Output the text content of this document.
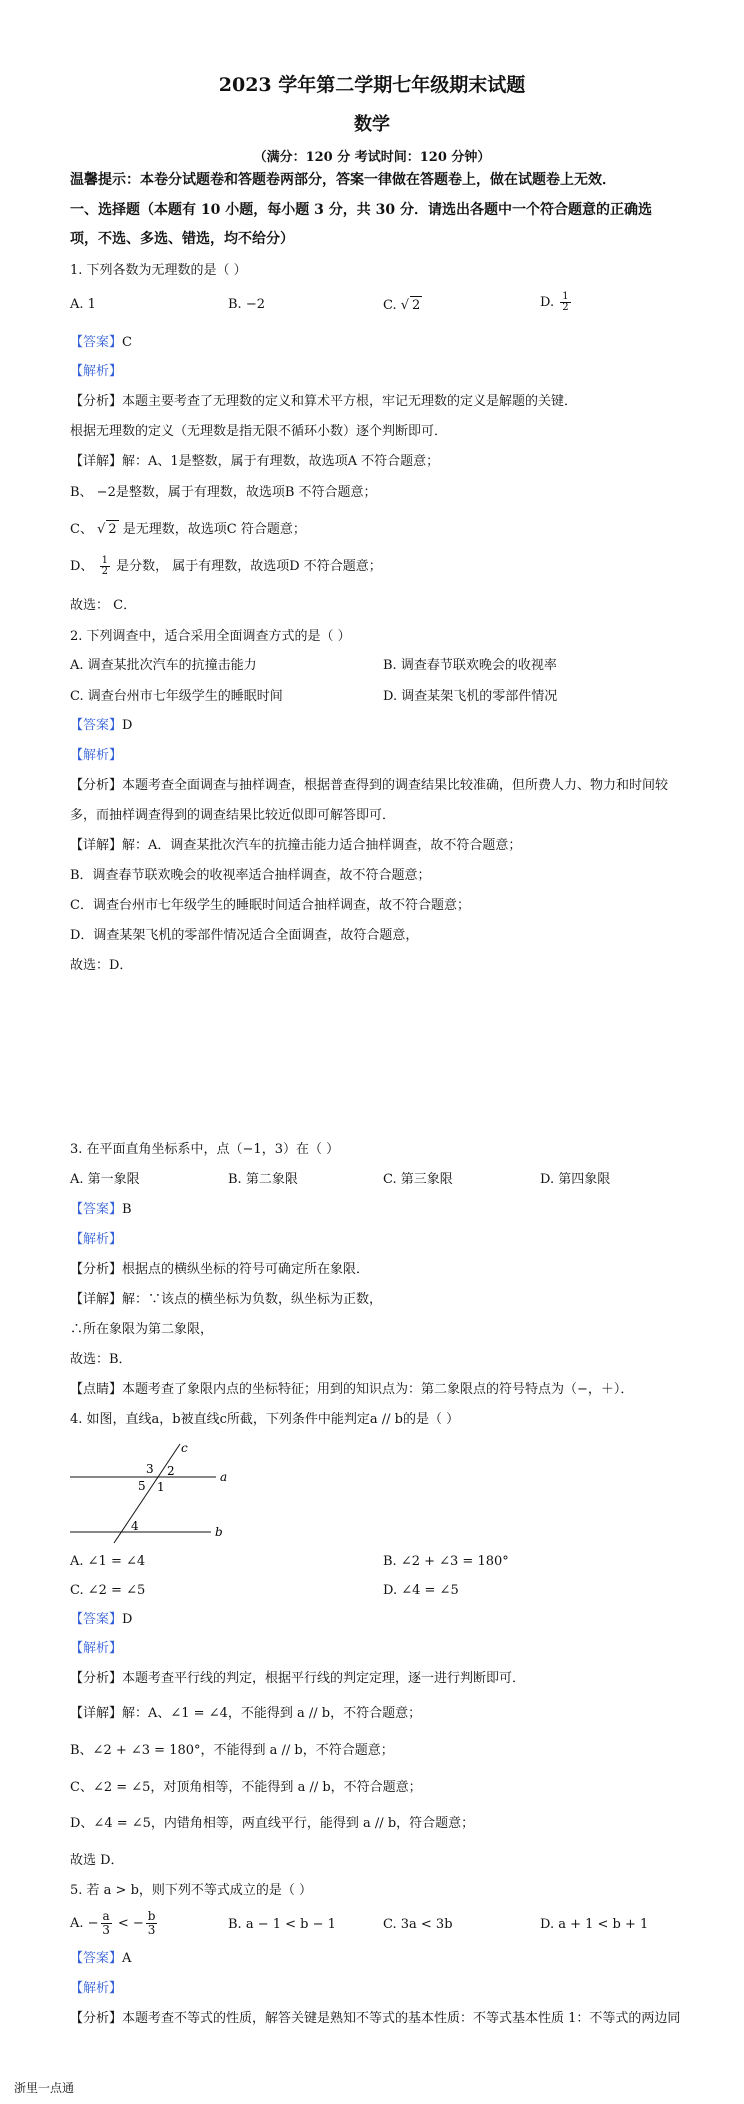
2023 学年第二学期七年级期末试题
数学
（满分：120 分 考试时间：120 分钟）
温馨提示：本卷分试题卷和答题卷两部分，答案一律做在答题卷上，做在试题卷上无效．
一、选择题（本题有 10 小题，每小题 3 分，共 30 分．请选出各题中一个符合题意的正确选
项，不选、多选、错选，均不给分）
1. 下列各数为无理数的是（ ）
A. 1	B. −2	C. √ 2	D. $\frac{1}{2}$
【答案】C
【解析】
【分析】本题主要考查了无理数的定义和算术平方根，牢记无理数的定义是解题的关键．
根据无理数的定义（无理数是指无限不循环小数）逐个判断即可．
【详解】解：A、1是整数，属于有理数，故选项A 不符合题意；
B、 −2是整数，属于有理数，故选项B 不符合题意；
C、 √ 2 是无理数，故选项C 符合题意；
D、 $\frac{1}{2}$ 是分数， 属于有理数，故选项D 不符合题意；
故选： C．
2. 下列调查中，适合采用全面调查方式的是（ ）
A. 调查某批次汽车的抗撞击能力	B. 调查春节联欢晚会的收视率
C. 调查台州市七年级学生的睡眠时间	D. 调查某架飞机的零部件情况
【答案】D
【解析】
【分析】本题考查全面调查与抽样调查，根据普查得到的调查结果比较准确，但所费人力、物力和时间较
多，而抽样调查得到的调查结果比较近似即可解答即可．
【详解】解：A．调查某批次汽车的抗撞击能力适合抽样调查，故不符合题意；
B．调查春节联欢晚会的收视率适合抽样调查，故不符合题意；
C．调查台州市七年级学生的睡眠时间适合抽样调查，故不符合题意；
D．调查某架飞机的零部件情况适合全面调查，故符合题意，
故选：D．
3. 在平面直角坐标系中，点（−1，3）在（ ）
A. 第一象限	B. 第二象限	C. 第三象限	D. 第四象限
【答案】B
【解析】
【分析】根据点的横纵坐标的符号可确定所在象限．
【详解】解：∵该点的横坐标为负数，纵坐标为正数，
∴所在象限为第二象限，
故选：B．
【点睛】本题考查了象限内点的坐标特征；用到的知识点为：第二象限点的符号特点为（−，＋）．
4. 如图，直线a，b被直线c所截，下列条件中能判定a // b的是（ ）
c
a
b
2
3
1
5
4
A. ∠1 = ∠4	B. ∠2 + ∠3 = 180°
C. ∠2 = ∠5	D. ∠4 = ∠5
【答案】D
【解析】
【分析】本题考查平行线的判定，根据平行线的判定定理，逐一进行判断即可．
【详解】解：A、∠1 = ∠4，不能得到 a // b，不符合题意；
B、∠2 + ∠3 = 180°，不能得到 a // b，不符合题意；
C、∠2 = ∠5，对顶角相等，不能得到 a // b，不符合题意；
D、∠4 = ∠5，内错角相等，两直线平行，能得到 a // b，符合题意；
故选 D．
5. 若 a > b，则下列不等式成立的是（ ）
A. − $\frac{a}{3}$ < − $\frac{b}{3}$	B. a − 1 < b − 1	C. 3a < 3b	D. a + 1 < b + 1
【答案】A
【解析】
【分析】本题考查不等式的性质，解答关键是熟知不等式的基本性质：不等式基本性质 1：不等式的两边同
浙里一点通
